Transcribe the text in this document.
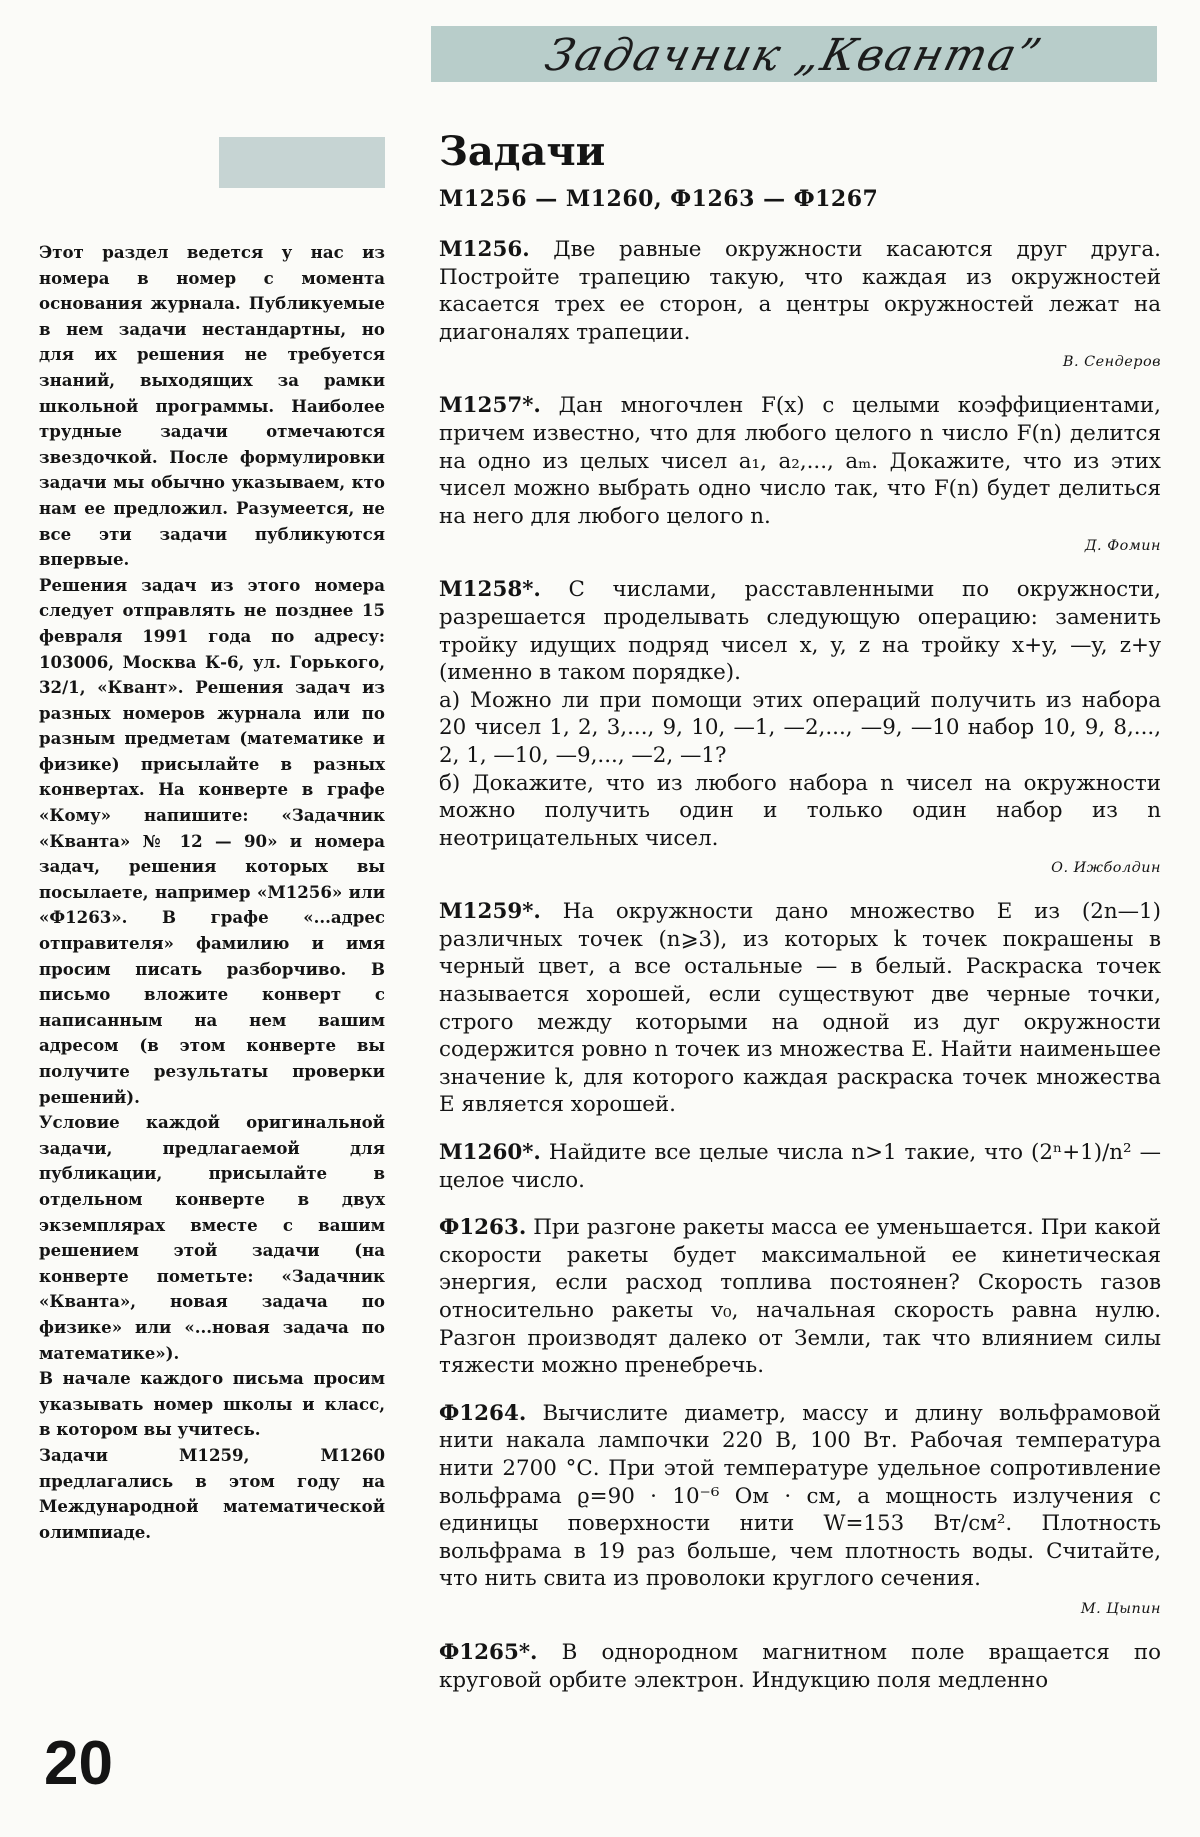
Задачник „Кванта”

Этот раздел ведется у нас из номера в номер с момента основания журнала. Публикуемые в нем задачи нестандартны, но для их решения не требуется знаний, выходящих за рамки школьной программы. Наиболее трудные задачи отмечаются звездочкой. После формулировки задачи мы обычно указываем, кто нам ее предложил. Разумеется, не все эти задачи публикуются впервые.

Решения задач из этого номера следует отправлять не позднее 15 февраля 1991 года по адресу: 103006, Москва К-6, ул. Горького, 32/1, «Квант». Решения задач из разных номеров журнала или по разным предметам (математике и физике) присылайте в разных конвертах. На конверте в графе «Кому» напишите: «Задачник «Кванта» № 12 — 90» и номера задач, решения которых вы посылаете, например «М1256» или «Ф1263». В графе «...адрес отправителя» фамилию и имя просим писать разборчиво. В письмо вложите конверт с написанным на нем вашим адресом (в этом конверте вы получите результаты проверки решений).

Условие каждой оригинальной задачи, предлагаемой для публикации, присылайте в отдельном конверте в двух экземплярах вместе с вашим решением этой задачи (на конверте пометьте: «Задачник «Кванта», новая задача по физике» или «...новая задача по математике»).

В начале каждого письма просим указывать номер школы и класс, в котором вы учитесь.

Задачи М1259, М1260 предлагались в этом году на Международной математической олимпиаде.

20
Задачи
М1256 — М1260, Ф1263 — Ф1267
М1256. Две равные окружности касаются друг друга. Постройте трапецию такую, что каждая из окружностей касается трех ее сторон, а центры окружностей лежат на диагоналях трапеции.
В. Сендеров
М1257*. Дан многочлен F(x) с целыми коэффициентами, причем известно, что для любого целого n число F(n) делится на одно из целых чисел a₁, a₂,..., aₘ. Докажите, что из этих чисел можно выбрать одно число так, что F(n) будет делиться на него для любого целого n.
Д. Фомин
М1258*. С числами, расставленными по окружности, разрешается проделывать следующую операцию: заменить тройку идущих подряд чисел x, y, z на тройку x+y, —y, z+y (именно в таком порядке).
а) Можно ли при помощи этих операций получить из набора 20 чисел 1, 2, 3,..., 9, 10, —1, —2,..., —9, —10 набор 10, 9, 8,..., 2, 1, —10, —9,..., —2, —1?
б) Докажите, что из любого набора n чисел на окружности можно получить один и только один набор из n неотрицательных чисел.
О. Ижболдин
М1259*. На окружности дано множество E из (2n—1) различных точек (n⩾3), из которых k точек покрашены в черный цвет, а все остальные — в белый. Раскраска точек называется хорошей, если существуют две черные точки, строго между которыми на одной из дуг окружности содержится ровно n точек из множества E. Найти наименьшее значение k, для которого каждая раскраска точек множества E является хорошей.
М1260*. Найдите все целые числа n>1 такие, что (2ⁿ+1)/n² — целое число.
Ф1263. При разгоне ракеты масса ее уменьшается. При какой скорости ракеты будет максимальной ее кинетическая энергия, если расход топлива постоянен? Скорость газов относительно ракеты v₀, начальная скорость равна нулю. Разгон производят далеко от Земли, так что влиянием силы тяжести можно пренебречь.
Ф1264. Вычислите диаметр, массу и длину вольфрамовой нити накала лампочки 220 В, 100 Вт. Рабочая температура нити 2700 °С. При этой температуре удельное сопротивление вольфрама ϱ=90 · 10⁻⁶ Ом · см, а мощность излучения с единицы поверхности нити W=153 Вт/см². Плотность вольфрама в 19 раз больше, чем плотность воды. Считайте, что нить свита из проволоки круглого сечения.
М. Цыпин
Ф1265*. В однородном магнитном поле вращается по круговой орбите электрон. Индукцию поля медленно
